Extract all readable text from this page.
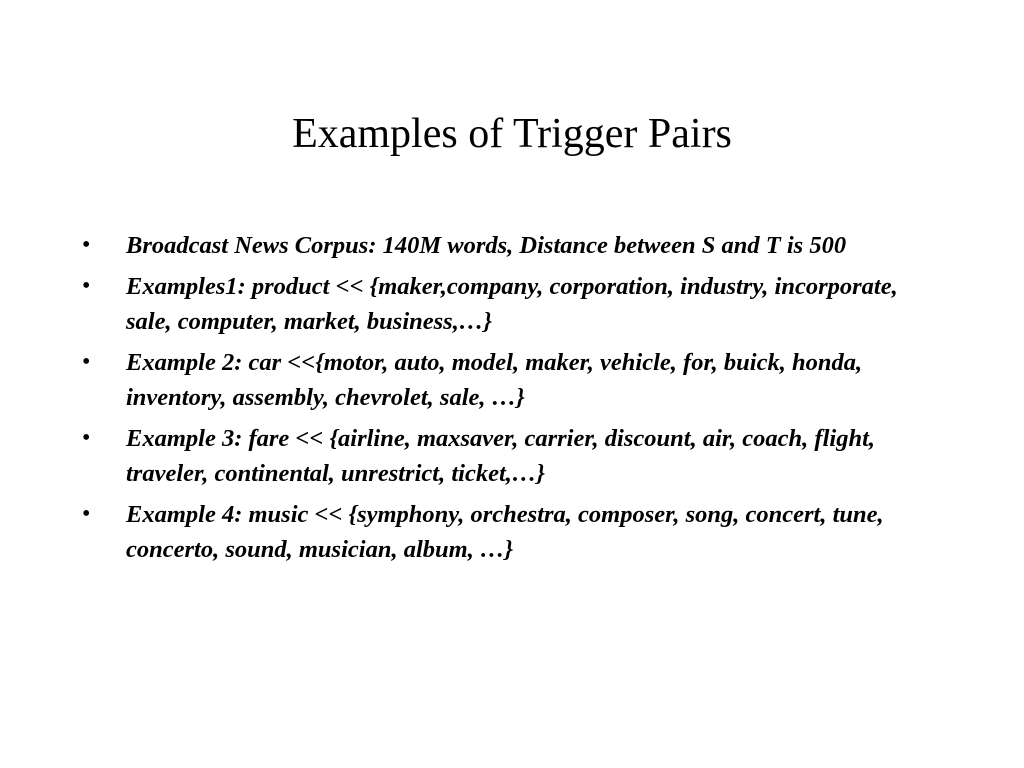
Examples of Trigger Pairs
• Broadcast News Corpus: 140M words, Distance between S and T is 500
• Examples1: product << {maker,company, corporation, industry, incorporate, sale, computer, market, business,…}
• Example 2: car <<{motor, auto, model, maker, vehicle, for, buick, honda, inventory, assembly, chevrolet, sale, …}
• Example 3: fare << {airline, maxsaver, carrier, discount, air, coach, flight, traveler, continental, unrestrict, ticket,…}
• Example 4: music << {symphony, orchestra, composer, song, concert, tune, concerto, sound, musician, album, …}
